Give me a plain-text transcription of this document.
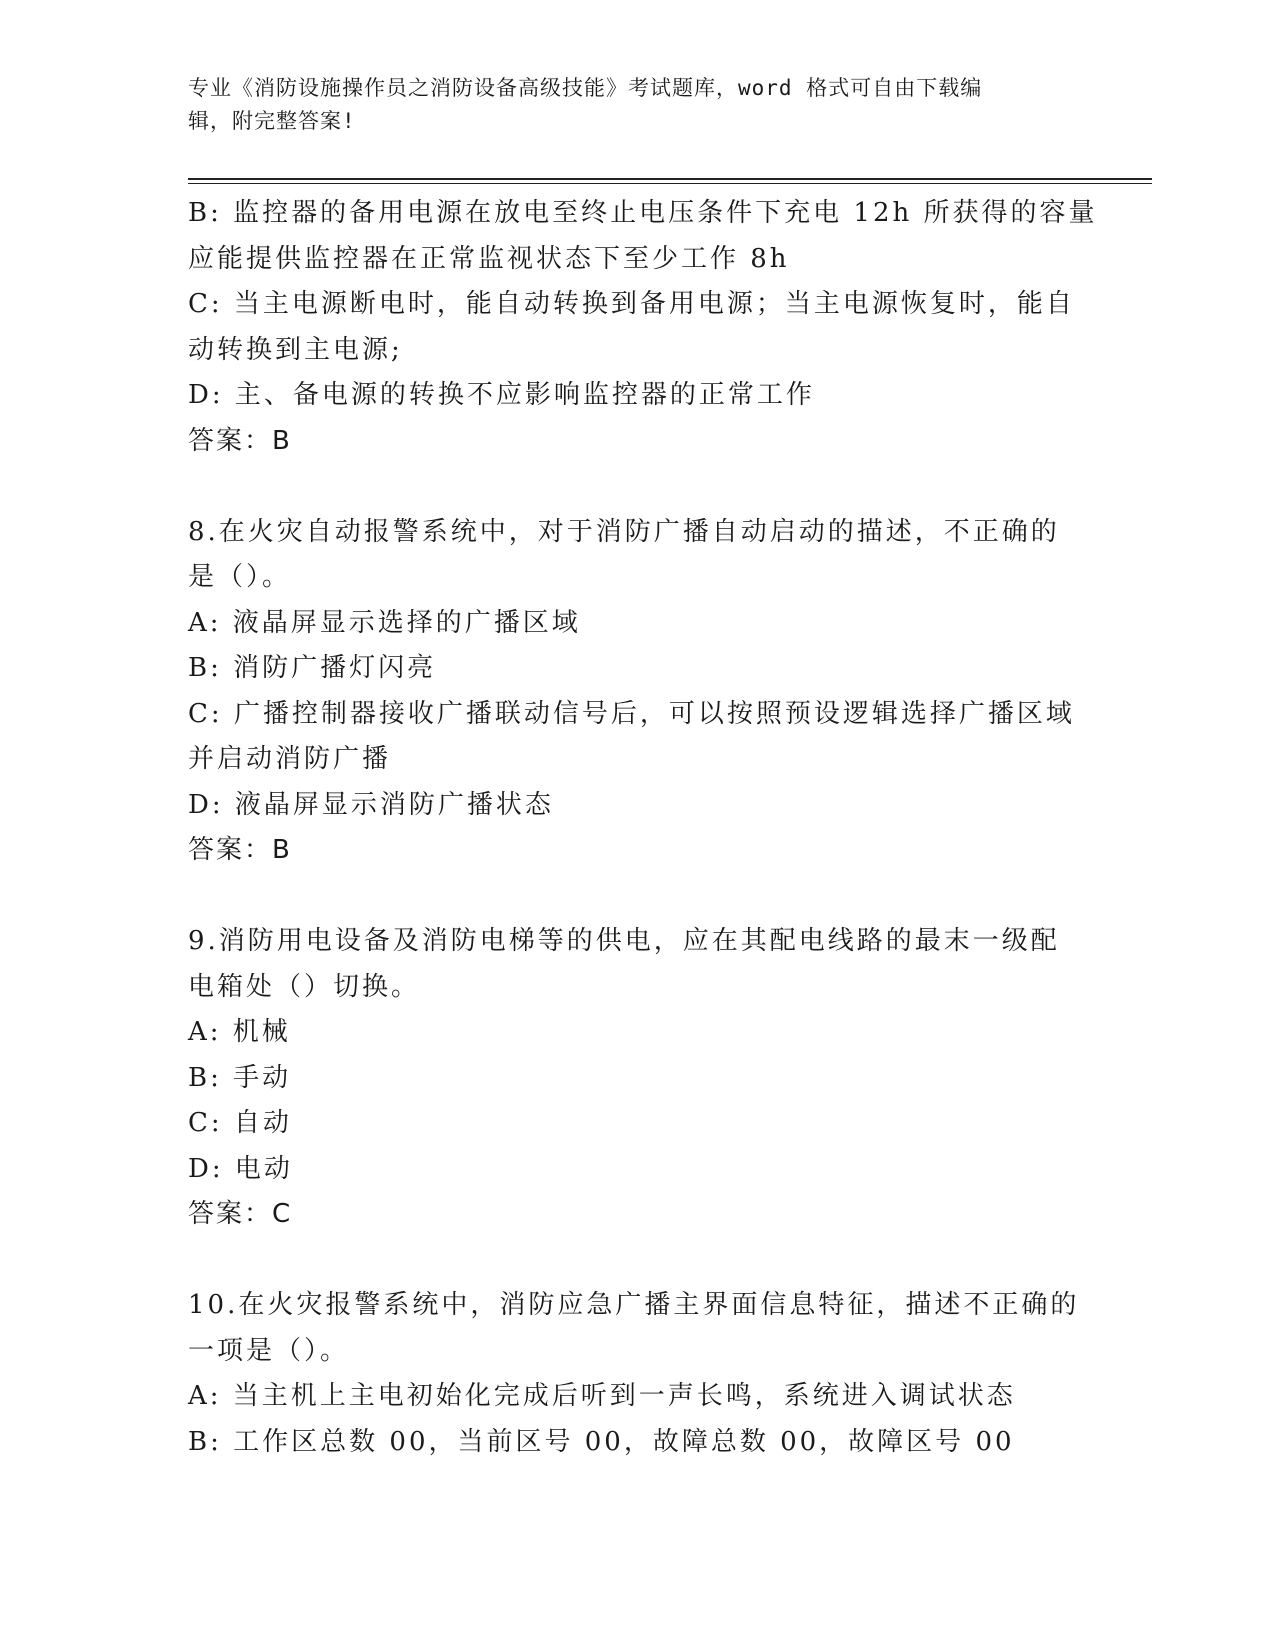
专业《消防设施操作员之消防设备高级技能》考试题库，word 格式可自由下载编
辑，附完整答案!
B: 监控器的备用电源在放电至终止电压条件下充电 12h 所获得的容量
应能提供监控器在正常监视状态下至少工作 8h
C: 当主电源断电时，能自动转换到备用电源；当主电源恢复时，能自
动转换到主电源;
D: 主、备电源的转换不应影响监控器的正常工作
答案：B
8.在火灾自动报警系统中，对于消防广播自动启动的描述，不正确的
是（）。
A: 液晶屏显示选择的广播区域
B: 消防广播灯闪亮
C: 广播控制器接收广播联动信号后，可以按照预设逻辑选择广播区域
并启动消防广播
D: 液晶屏显示消防广播状态
答案：B
9.消防用电设备及消防电梯等的供电，应在其配电线路的最末一级配
电箱处（）切换。
A: 机械
B: 手动
C: 自动
D: 电动
答案：C
10.在火灾报警系统中，消防应急广播主界面信息特征，描述不正确的
一项是（）。
A: 当主机上主电初始化完成后听到一声长鸣，系统进入调试状态
B: 工作区总数 00，当前区号 00，故障总数 00，故障区号 00
